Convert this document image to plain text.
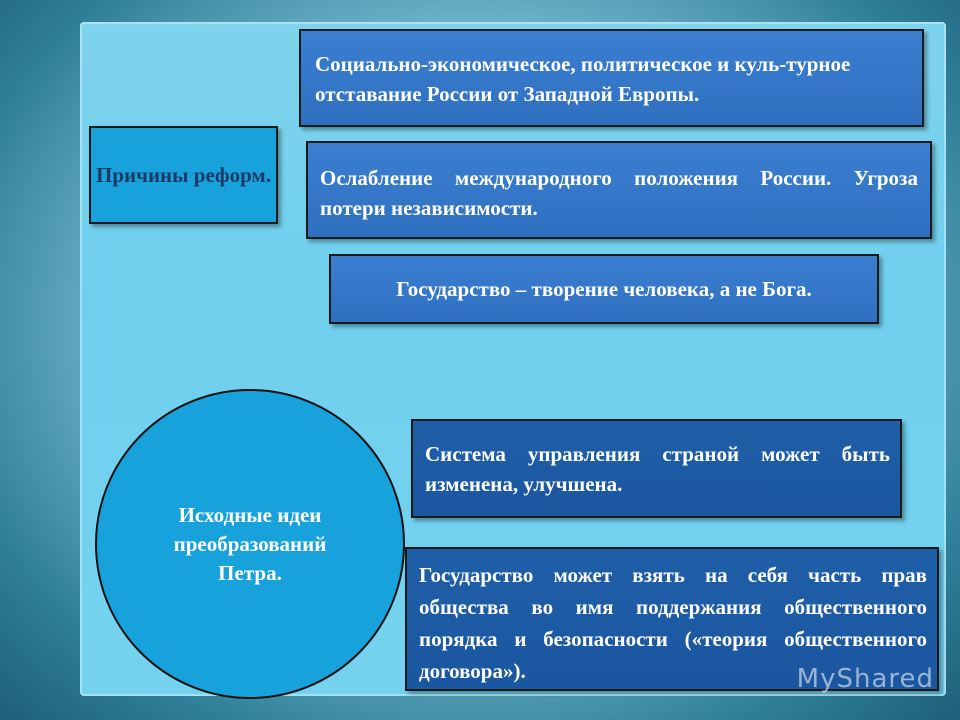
Причины реформ.
Социально-экономическое, политическое и куль-турное отставание России от Западной Европы.
Ослабление международного положения России. Угроза потери независимости.
Государство – творение человека, а не Бога.
Исходные идеи преобразований Петра.
Система управления страной может быть изменена, улучшена.
Государство может взять на себя часть прав общества во имя поддержания общественного порядка и безопасности («теория общественного договора»).	MyShared
